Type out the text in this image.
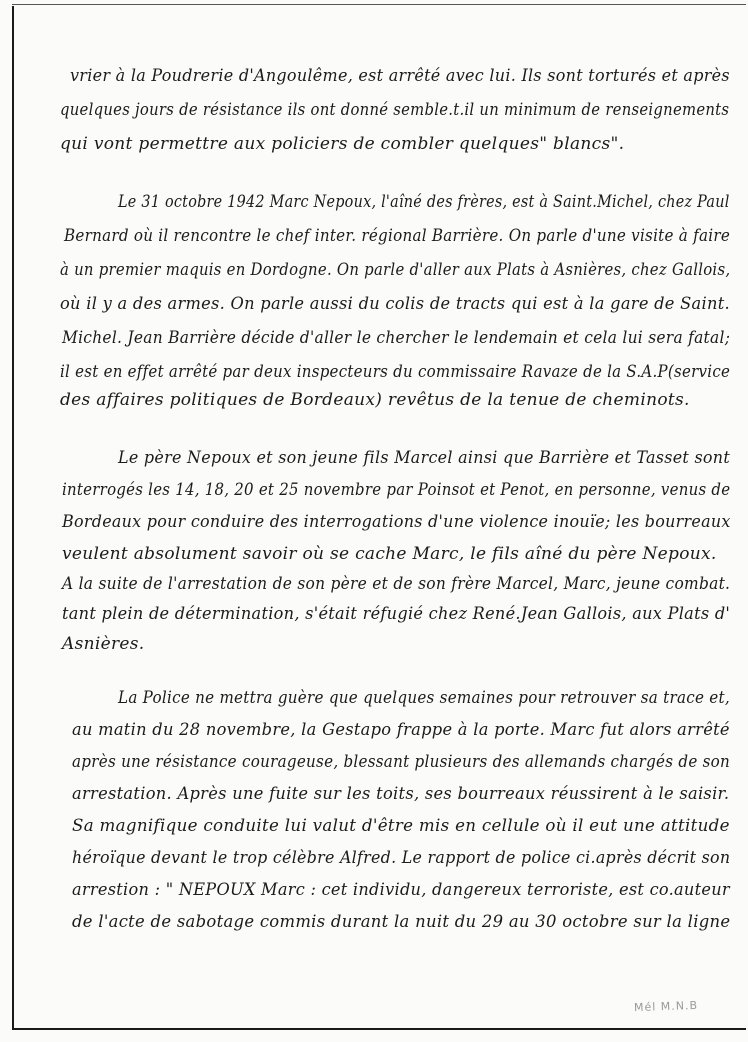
vrier à la Poudrerie d'Angoulême, est arrêté avec lui. Ils sont torturés et après

quelques jours de résistance ils ont donné semble.t.il un minimum de renseignements

qui vont permettre aux policiers de combler quelques" blancs".

Le 31 octobre 1942 Marc Nepoux, l'aîné des frères, est à Saint.Michel, chez Paul

Bernard où il rencontre le chef inter. régional Barrière. On parle d'une visite à faire

à un premier maquis en Dordogne. On parle d'aller aux Plats à Asnières, chez Gallois,

où il y a des armes. On parle aussi du colis de tracts qui est à la gare de Saint.

Michel. Jean Barrière décide d'aller le chercher le lendemain et cela lui sera fatal;

il est en effet arrêté par deux inspecteurs du commissaire Ravaze de la S.A.P(service

des affaires politiques de Bordeaux) revêtus de la tenue de cheminots.

Le père Nepoux et son jeune fils Marcel ainsi que Barrière et Tasset sont

interrogés les 14, 18, 20 et 25 novembre par Poinsot et Penot, en personne, venus de

Bordeaux pour conduire des interrogations d'une violence inouïe; les bourreaux

veulent absolument savoir où se cache Marc, le fils aîné du père Nepoux.

A la suite de l'arrestation de son père et de son frère Marcel, Marc, jeune combat.

tant plein de détermination, s'était réfugié chez René.Jean Gallois, aux Plats d'

Asnières.

La Police ne mettra guère que quelques semaines pour retrouver sa trace et,

au matin du 28 novembre, la Gestapo frappe à la porte. Marc fut alors arrêté

après une résistance courageuse, blessant plusieurs des allemands chargés de son

arrestation. Après une fuite sur les toits, ses bourreaux réussirent à le saisir.

Sa magnifique conduite lui valut d'être mis en cellule où il eut une attitude

héroïque devant le trop célèbre Alfred. Le rapport de police ci.après décrit son

arrestion : " NEPOUX Marc : cet individu, dangereux terroriste, est co.auteur

de l'acte de sabotage commis durant la nuit du 29 au 30 octobre sur la ligne

Mél M.N.B
